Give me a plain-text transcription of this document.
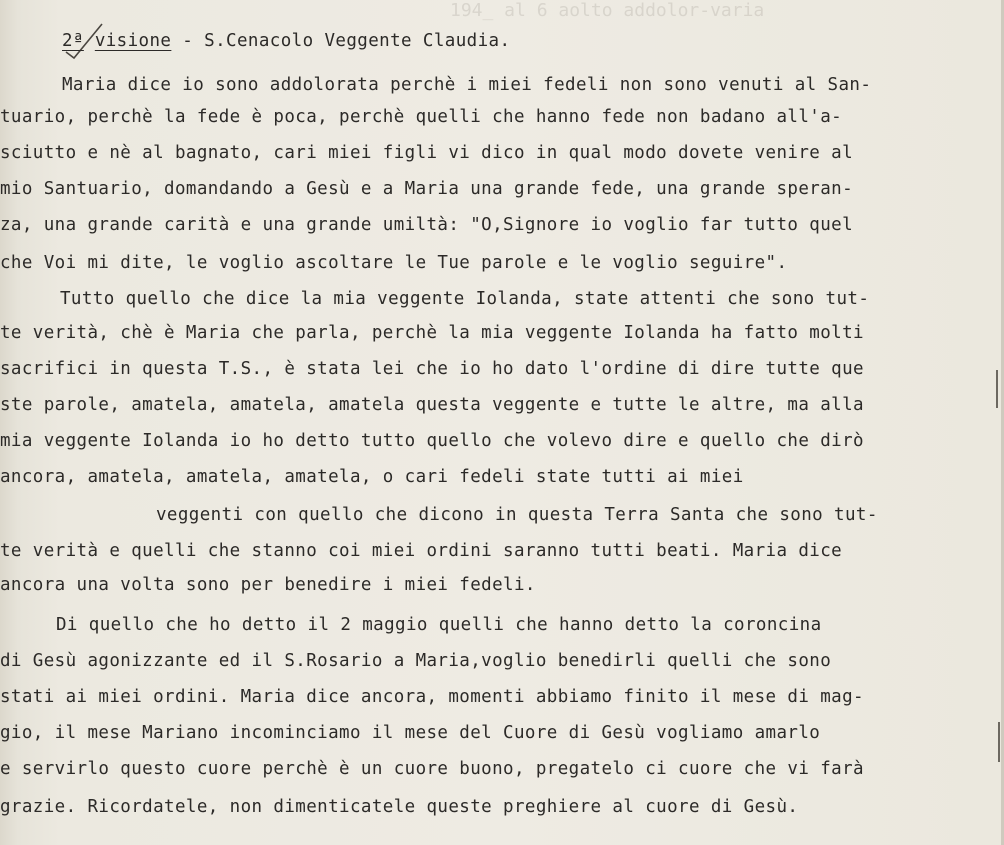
194_ al 6 aolto addolor-varia
2ª visione - S.Cenacolo Veggente Claudia.
Maria dice io sono addolorata perchè i miei fedeli non sono venuti al San-
tuario, perchè la fede è poca, perchè quelli che hanno fede non badano all'a-
sciutto e nè al bagnato, cari miei figli vi dico in qual modo dovete venire al
mio Santuario, domandando a Gesù e a Maria una grande fede, una grande speran-
za, una grande carità e una grande umiltà: "O,Signore io voglio far tutto quel
che Voi mi dite, le voglio ascoltare le Tue parole e le voglio seguire".
Tutto quello che dice la mia veggente Iolanda, state attenti che sono tut-
te verità, chè è Maria che parla, perchè la mia veggente Iolanda ha fatto molti
sacrifici in questa T.S., è stata lei che io ho dato l'ordine di dire tutte que
ste parole, amatela, amatela, amatela questa veggente e tutte le altre, ma alla
mia veggente Iolanda io ho detto tutto quello che volevo dire e quello che dirò
ancora, amatela, amatela, amatela, o cari fedeli state tutti ai miei
veggenti con quello che dicono in questa Terra Santa che sono tut-
te verità e quelli che stanno coi miei ordini saranno tutti beati. Maria dice
ancora una volta sono per benedire i miei fedeli.
Di quello che ho detto il 2 maggio quelli che hanno detto la coroncina
di Gesù agonizzante ed il S.Rosario a Maria,voglio benedirli quelli che sono
stati ai miei ordini. Maria dice ancora, momenti abbiamo finito il mese di mag-
gio, il mese Mariano incominciamo il mese del Cuore di Gesù vogliamo amarlo
e servirlo questo cuore perchè è un cuore buono, pregatelo ci cuore che vi farà
grazie. Ricordatele, non dimenticatele queste preghiere al cuore di Gesù.
